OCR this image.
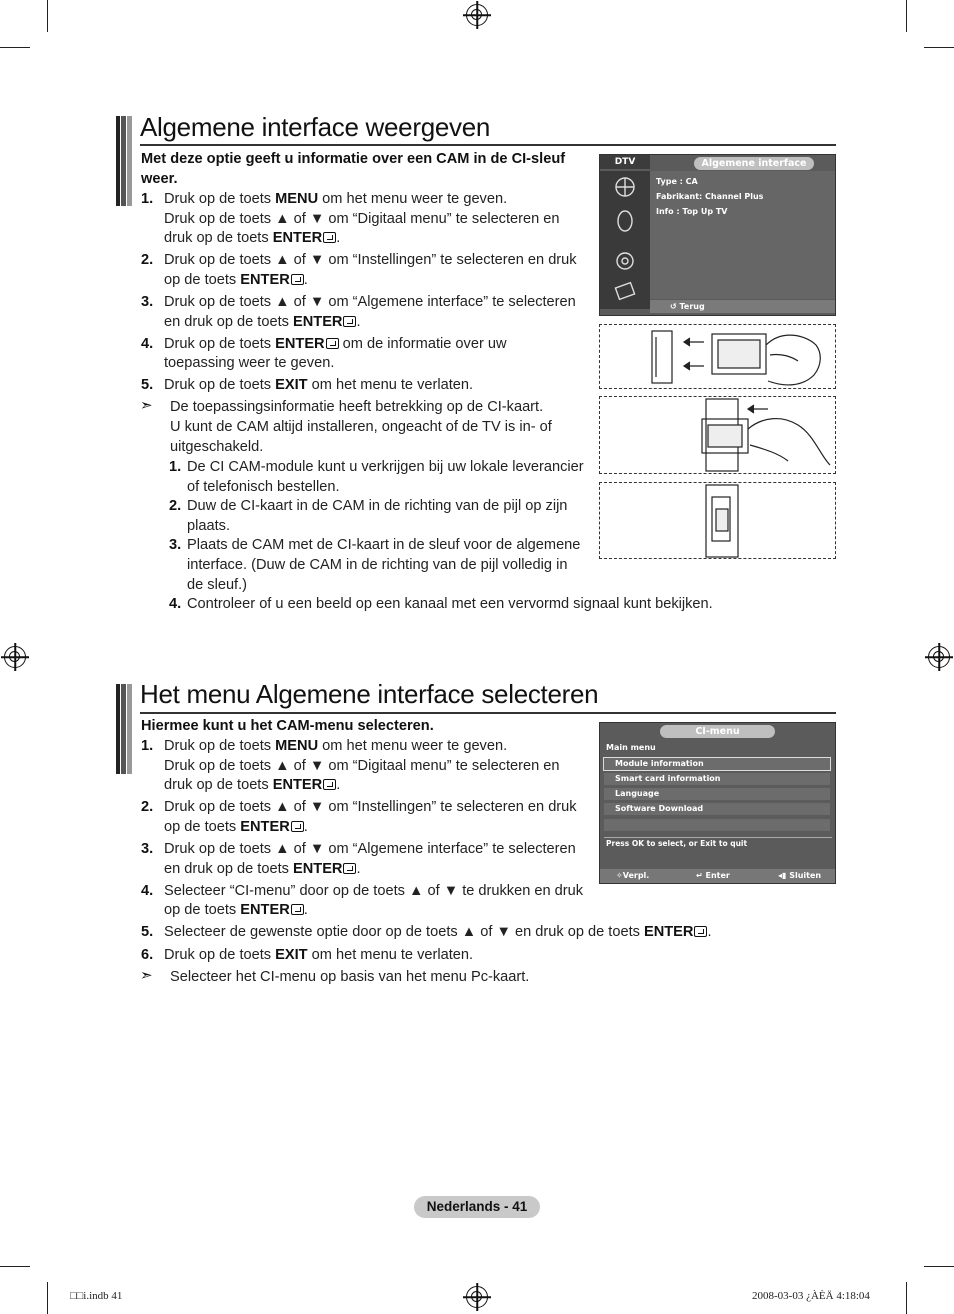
Algemene interface weergeven
Met deze optie geeft u informatie over een CAM in de CI-sleuf weer.
1. Druk op de toets MENU om het menu weer te geven.
Druk op de toets ▲ of ▼ om “Digitaal menu” te selecteren en
druk op de toets ENTER .
2. Druk op de toets ▲ of ▼ om “Instellingen” te selecteren en druk
op de toets ENTER .
3. Druk op de toets ▲ of ▼ om “Algemene interface” te selecteren
en druk op de toets ENTER .
4. Druk op de toets ENTER om de informatie over uw
toepassing weer te geven.
5. Druk op de toets EXIT om het menu te verlaten.
➣ De toepassingsinformatie heeft betrekking op de CI-kaart.
U kunt de CAM altijd installeren, ongeacht of de TV is in- of
uitgeschakeld.
1. De CI CAM-module kunt u verkrijgen bij uw lokale leverancier
of telefonisch bestellen.
2. Duw de CI-kaart in de CAM in de richting van de pijl op zijn
plaats.
3. Plaats de CAM met de CI-kaart in de sleuf voor de algemene
interface. (Duw de CAM in de richting van de pijl volledig in
de sleuf.)
4. Controleer of u een beeld op een kanaal met een vervormd signaal kunt bekijken.
DTV	Algemene interface
Type : CA
Fabrikant: Channel Plus
Info : Top Up TV
↺ Terug
Het menu Algemene interface selecteren
Hiermee kunt u het CAM-menu selecteren.
1. Druk op de toets MENU om het menu weer te geven.
Druk op de toets ▲ of ▼ om “Digitaal menu” te selecteren en
druk op de toets ENTER .
2. Druk op de toets ▲ of ▼ om “Instellingen” te selecteren en druk
op de toets ENTER .
3. Druk op de toets ▲ of ▼ om “Algemene interface” te selecteren
en druk op de toets ENTER .
4. Selecteer “CI-menu” door op de toets ▲ of ▼ te drukken en druk
op de toets ENTER .
5. Selecteer de gewenste optie door op de toets ▲ of ▼ en druk op de toets ENTER .
6. Druk op de toets EXIT om het menu te verlaten.
➣ Selecteer het CI-menu op basis van het menu Pc-kaart.
CI-menu
Main menu
Module information
Smart card information
Language
Software Download
Press OK to select, or Exit to quit
✧Verpl.	↵ Enter	◂▮ Sluiten
Nederlands - 41
□□i.indb 41	2008-03-03 ¿ÀÈÄ 4:18:04
